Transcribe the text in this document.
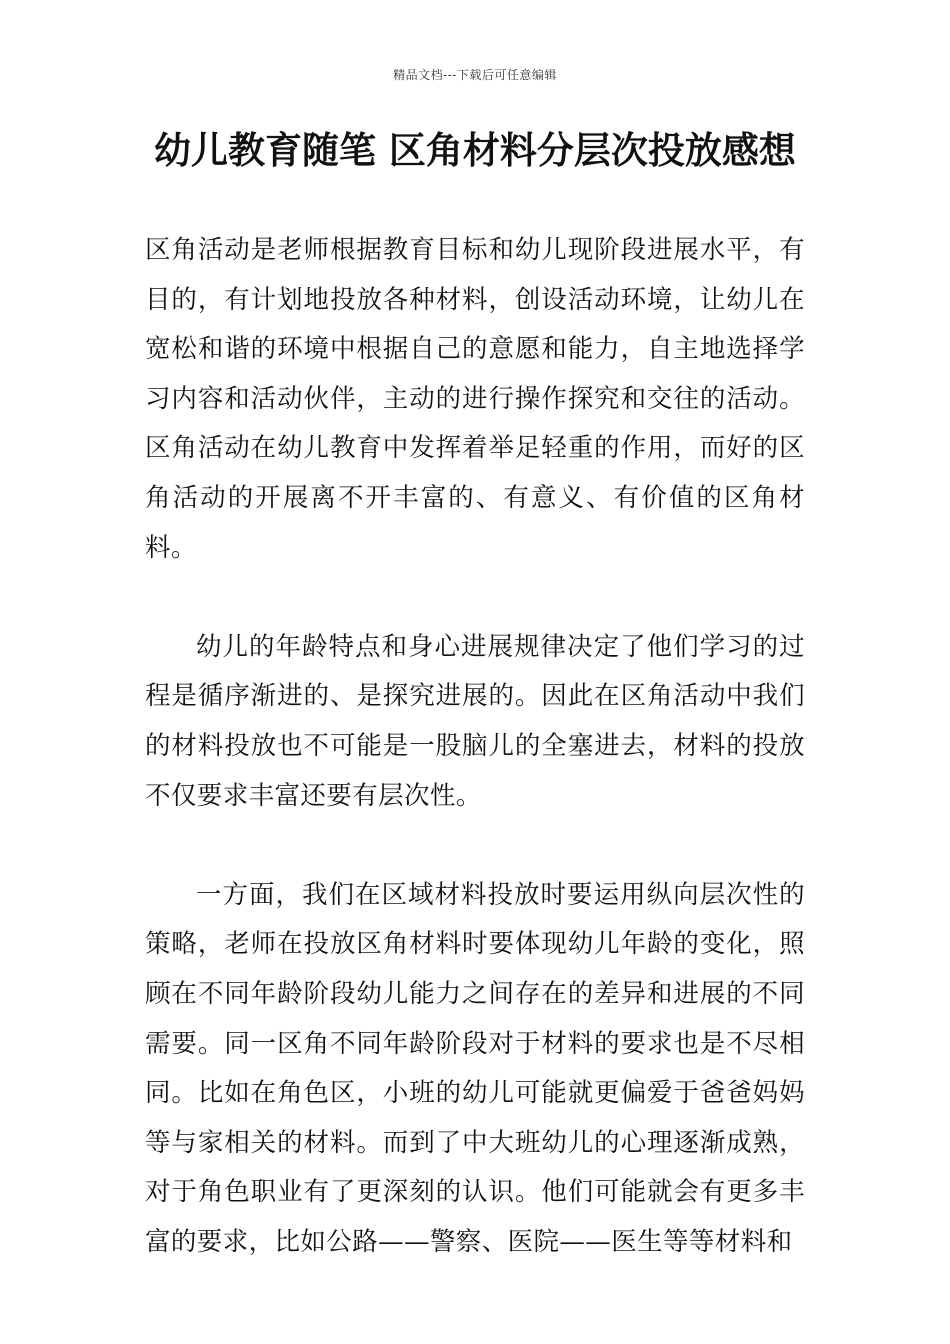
精品文档---下载后可任意编辑
幼儿教育随笔 区角材料分层次投放感想

区角活动是老师根据教育目标和幼儿现阶段进展水平，有目的，有计划地投放各种材料，创设活动环境，让幼儿在宽松和谐的环境中根据自己的意愿和能力，自主地选择学习内容和活动伙伴，主动的进行操作探究和交往的活动。区角活动在幼儿教育中发挥着举足轻重的作用，而好的区角活动的开展离不开丰富的、有意义、有价值的区角材料。

幼儿的年龄特点和身心进展规律决定了他们学习的过程是循序渐进的、是探究进展的。因此在区角活动中我们的材料投放也不可能是一股脑儿的全塞进去，材料的投放不仅要求丰富还要有层次性。

一方面，我们在区域材料投放时要运用纵向层次性的策略，老师在投放区角材料时要体现幼儿年龄的变化，照顾在不同年龄阶段幼儿能力之间存在的差异和进展的不同需要。同一区角不同年龄阶段对于材料的要求也是不尽相同。比如在角色区，小班的幼儿可能就更偏爱于爸爸妈妈等与家相关的材料。而到了中大班幼儿的心理逐渐成熟，对于角色职业有了更深刻的认识。他们可能就会有更多丰富的要求，比如公路——警察、医院——医生等等材料和
